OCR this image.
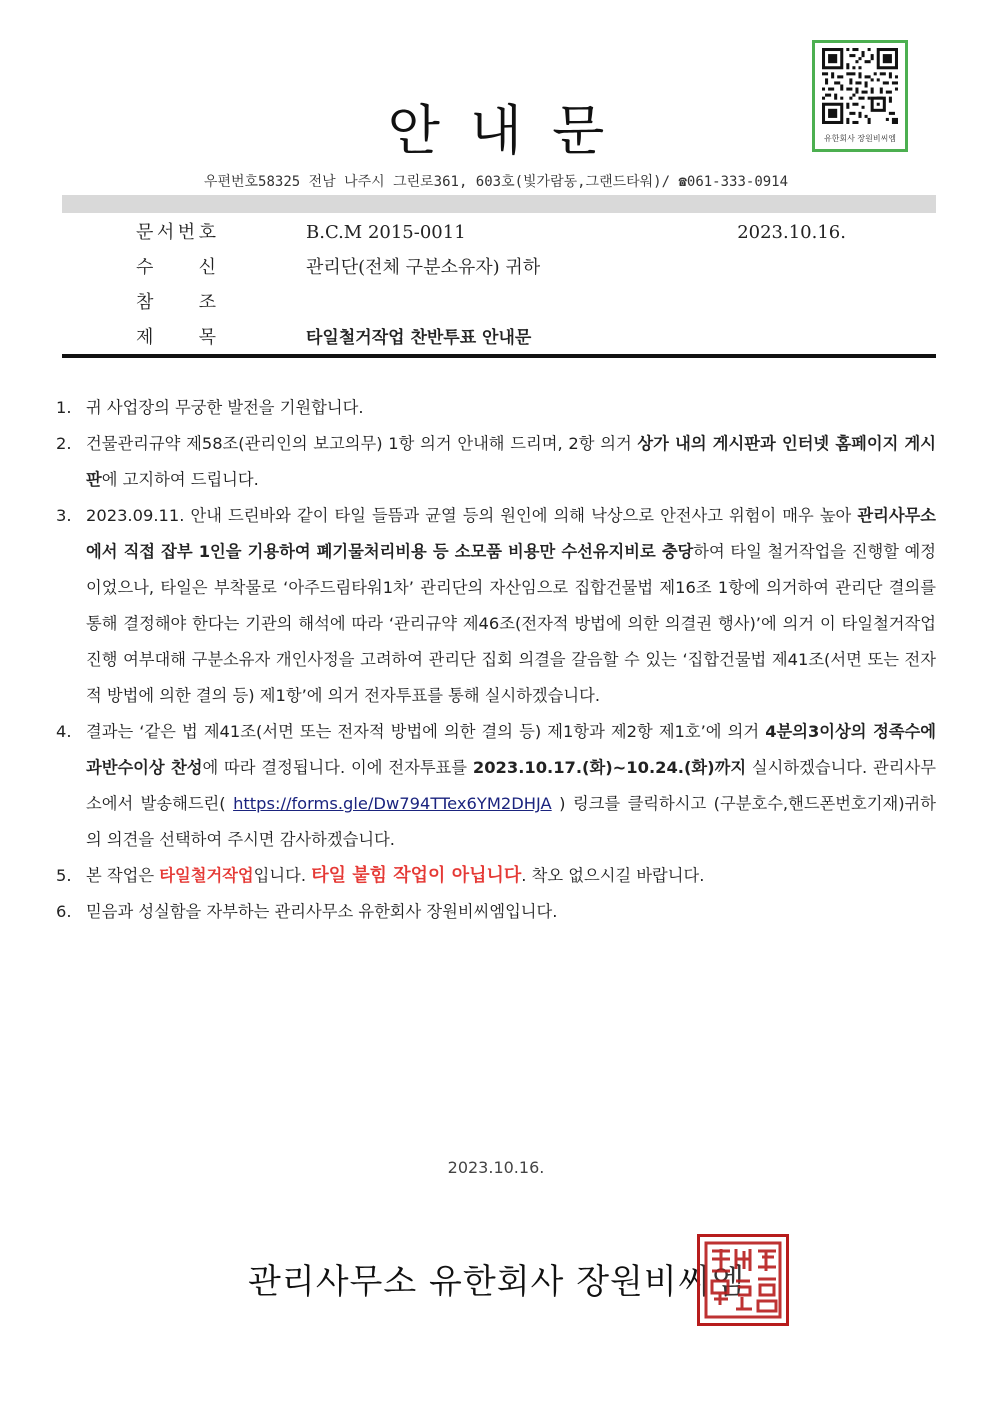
유한회사 장원비씨엠
안내문
우편번호58325 전남 나주시 그린로361, 603호(빛가람동,그랜드타워)/ ☎061-333-0914
문 서 번 호	B.C.M 2015-0011	2023.10.16.
수	신	관리단(전체 구분소유자) 귀하
참	조
제	목	타일철거작업 찬반투표 안내문
1. 귀 사업장의 무궁한 발전을 기원합니다.
2. 건물관리규약 제58조(관리인의 보고의무) 1항 의거 안내해 드리며, 2항 의거 상가 내의 게시판과 인터넷 홈페이지 게시판에 고지하여 드립니다.
3. 2023.09.11. 안내 드린바와 같이 타일 들뜸과 균열 등의 원인에 의해 낙상으로 안전사고 위험이 매우 높아 관리사무소에서 직접 잡부 1인을 기용하여 폐기물처리비용 등 소모품 비용만 수선유지비로 충당하여 타일 철거작업을 진행할 예정이었으나, 타일은 부착물로 ‘아주드림타워1차’ 관리단의 자산임으로 집합건물법 제16조 1항에 의거하여 관리단 결의를 통해 결정해야 한다는 기관의 해석에 따라 ‘관리규약 제46조(전자적 방법에 의한 의결권 행사)’에 의거 이 타일철거작업 진행 여부대해 구분소유자 개인사정을 고려하여 관리단 집회 의결을 갈음할 수 있는 ‘집합건물법 제41조(서면 또는 전자적 방법에 의한 결의 등) 제1항’에 의거 전자투표를 통해 실시하겠습니다.
4. 결과는 ‘같은 법 제41조(서면 또는 전자적 방법에 의한 결의 등) 제1항과 제2항 제1호’에 의거 4분의3이상의 정족수에 과반수이상 찬성에 따라 결정됩니다. 이에 전자투표를 2023.10.17.(화)~10.24.(화)까지 실시하겠습니다. 관리사무소에서 발송해드린( https://forms.gle/Dw794TTex6YM2DHJA ) 링크를 클릭하시고 (구분호수,핸드폰번호기재)귀하의 의견을 선택하여 주시면 감사하겠습니다.
5. 본 작업은 타일철거작업입니다. 타일 붙힘 작업이 아닙니다. 착오 없으시길 바랍니다.
6. 믿음과 성실함을 자부하는 관리사무소 유한회사 장원비씨엠입니다.
2023.10.16.
관리사무소 유한회사 장원비씨엠
